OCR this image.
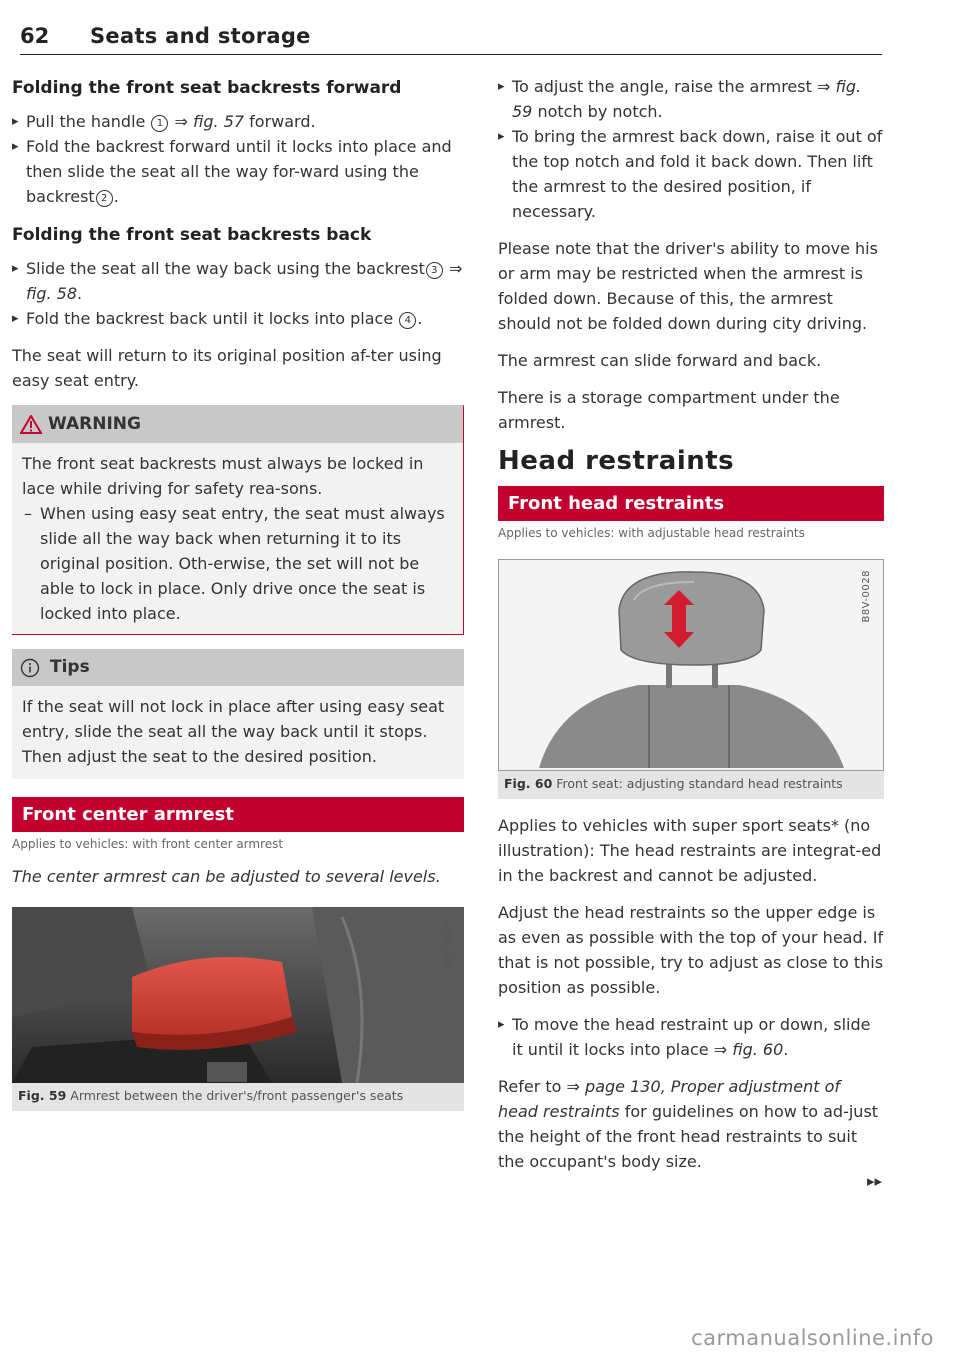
62 Seats and storage
Folding the front seat backrests forward
▸ Pull the handle 1 ⇒ fig. 57 forward.
▸ Fold the backrest forward until it locks into place and then slide the seat all the way for-ward using the backrest 2 .
Folding the front seat backrests back
▸ Slide the seat all the way back using the backrest 3 ⇒ fig. 58.
▸ Fold the backrest back until it locks into place 4 .

The seat will return to its original position af-ter using easy seat entry.

WARNING
The front seat backrests must always be locked in lace while driving for safety rea-sons.
– When using easy seat entry, the seat must always slide all the way back when returning it to its original position. Oth-erwise, the set will not be able to lock in place. Only drive once the seat is locked into place.
Tips
If the seat will not lock in place after using easy seat entry, slide the seat all the way back until it stops. Then adjust the seat to the desired position.
Front center armrest
Applies to vehicles: with front center armrest

The center armrest can be adjusted to several levels.

B8V-0026
Fig. 59 Armrest between the driver's/front passenger's seats
▸ To adjust the angle, raise the armrest ⇒ fig. 59 notch by notch.
▸ To bring the armrest back down, raise it out of the top notch and fold it back down. Then lift the armrest to the desired position, if necessary.

Please note that the driver's ability to move his or arm may be restricted when the armrest is folded down. Because of this, the armrest should not be folded down during city driving.

The armrest can slide forward and back.

There is a storage compartment under the armrest.

Head restraints
Front head restraints
Applies to vehicles: with adjustable head restraints
B8V-0028
Fig. 60 Front seat: adjusting standard head restraints

Applies to vehicles with super sport seats* (no illustration): The head restraints are integrat-ed in the backrest and cannot be adjusted.

Adjust the head restraints so the upper edge is as even as possible with the top of your head. If that is not possible, try to adjust as close to this position as possible.

▸ To move the head restraint up or down, slide it until it locks into place ⇒ fig. 60.

Refer to ⇒ page 130, Proper adjustment of head restraints for guidelines on how to ad-just the height of the front head restraints to suit the occupant's body size.

▸▸
carmanualsonline.info
